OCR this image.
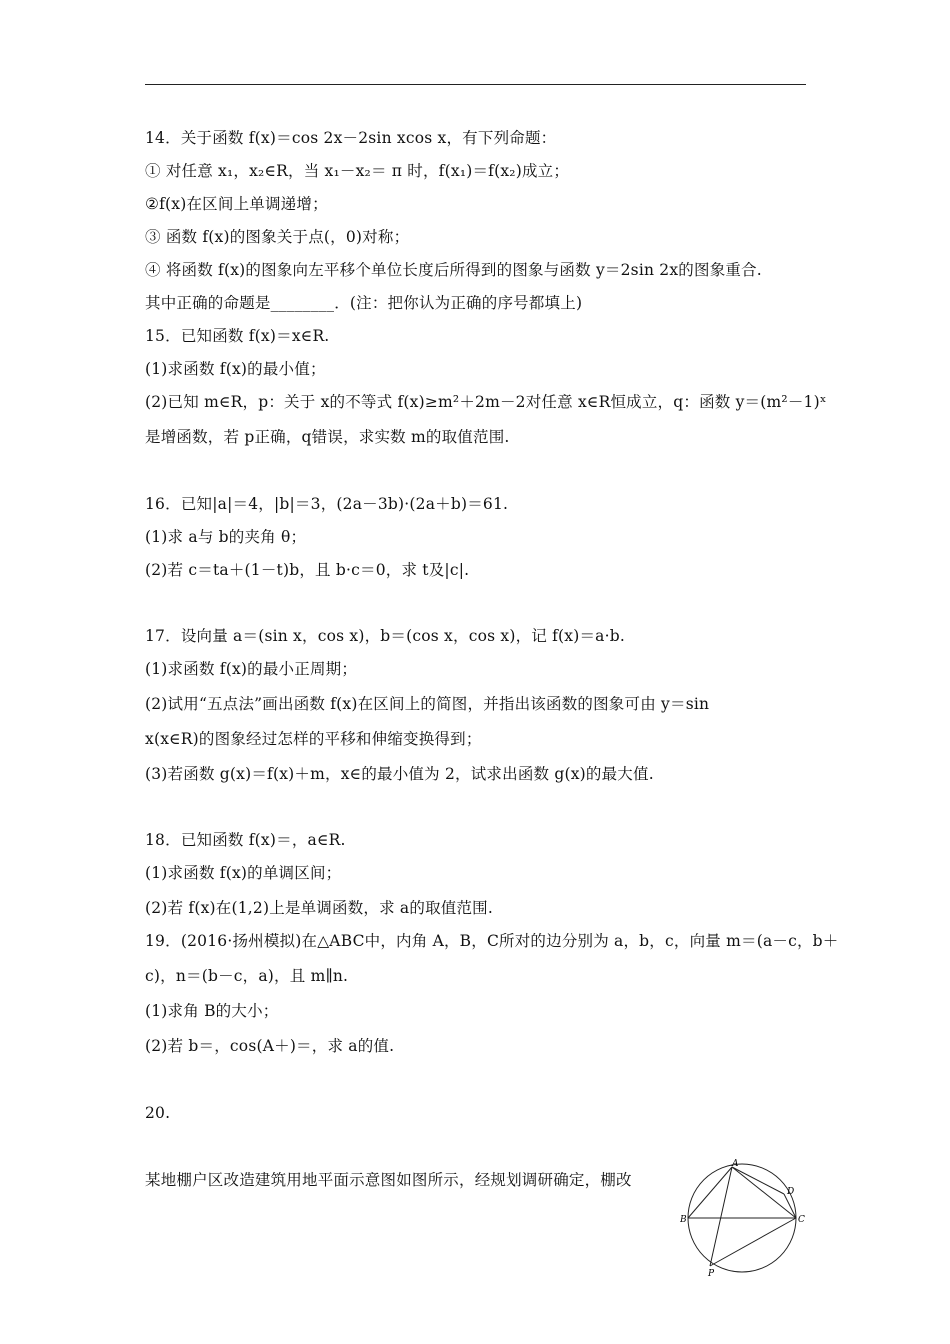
14．关于函数 f(x)＝cos 2x－2sin xcos x，有下列命题：
① 对任意 x₁，x₂∈R，当 x₁－x₂＝ π 时，f(x₁)＝f(x₂)成立；
②f(x)在区间上单调递增；
③ 函数 f(x)的图象关于点(，0)对称；
④ 将函数 f(x)的图象向左平移个单位长度后所得到的图象与函数 y＝2sin 2x的图象重合.
其中正确的命题是________．(注：把你认为正确的序号都填上)
15．已知函数 f(x)＝x∈R.
(1)求函数 f(x)的最小值；
(2)已知 m∈R，p：关于 x的不等式 f(x)≥m²＋2m－2对任意 x∈R恒成立，q：函数 y＝(m²－1)ˣ
是增函数，若 p正确，q错误，求实数 m的取值范围.
16．已知|a|＝4，|b|＝3，(2a－3b)·(2a＋b)＝61.
(1)求 a与 b的夹角 θ；
(2)若 c＝ta＋(1－t)b，且 b·c＝0，求 t及|c|.
17．设向量 a＝(sin x，cos x)，b＝(cos x，cos x)，记 f(x)＝a·b.
(1)求函数 f(x)的最小正周期；
(2)试用“五点法”画出函数 f(x)在区间上的简图，并指出该函数的图象可由 y＝sin
x(x∈R)的图象经过怎样的平移和伸缩变换得到；
(3)若函数 g(x)＝f(x)＋m，x∈的最小值为 2，试求出函数 g(x)的最大值.
18．已知函数 f(x)＝，a∈R.
(1)求函数 f(x)的单调区间；
(2)若 f(x)在(1,2)上是单调函数，求 a的取值范围.
19．(2016·扬州模拟)在△ABC中，内角 A，B，C所对的边分别为 a，b，c，向量 m＝(a－c，b＋
c)，n＝(b－c，a)，且 m∥n.
(1)求角 B的大小；
(2)若 b＝，cos(A＋)＝，求 a的值.
20.
某地棚户区改造建筑用地平面示意图如图所示，经规划调研确定，棚改
A
B	C
D
P
